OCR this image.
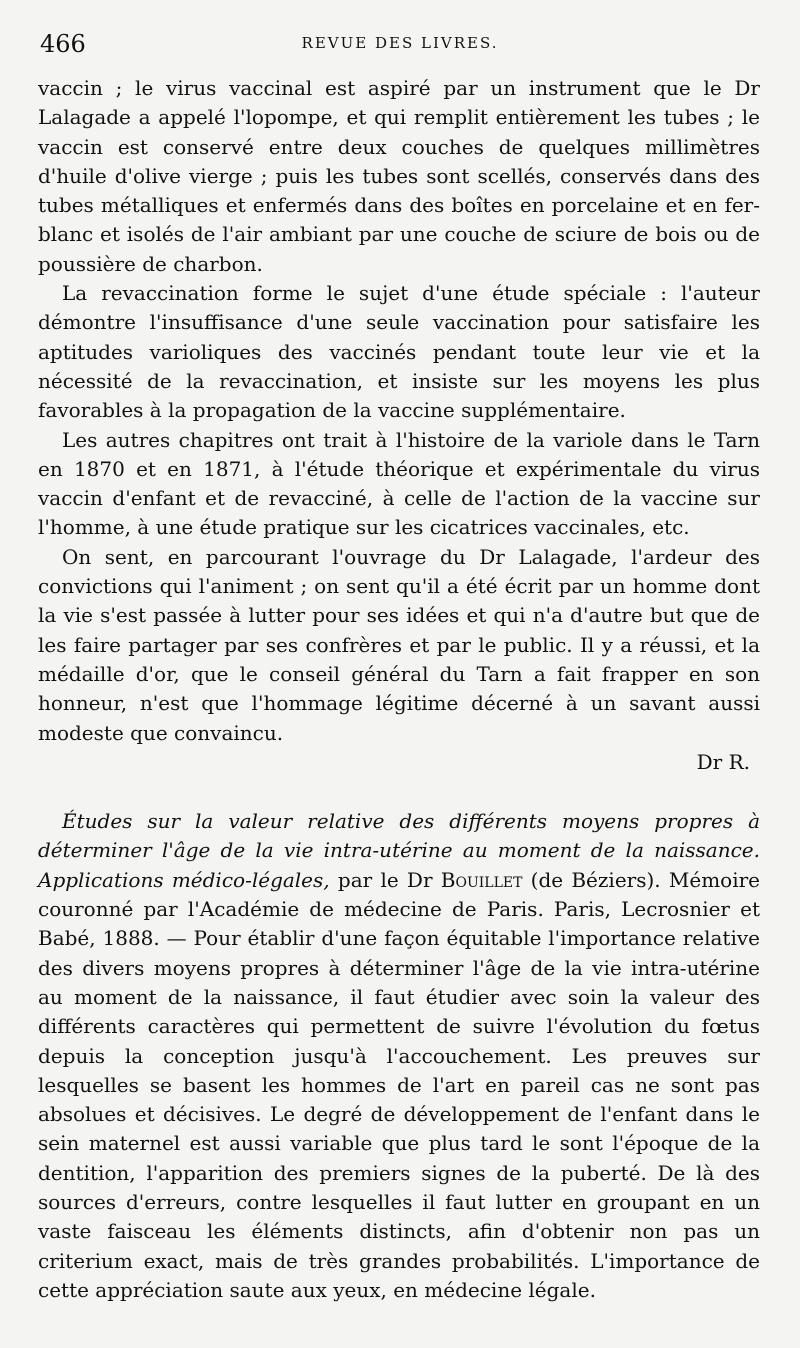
466	REVUE DES LIVRES.

vaccin ; le virus vaccinal est aspiré par un instrument que le Dr Lalagade a appelé l'lopompe, et qui remplit entièrement les tubes ; le vaccin est conservé entre deux couches de quelques millimètres d'huile d'olive vierge ; puis les tubes sont scellés, conservés dans des tubes métalliques et enfermés dans des boîtes en porcelaine et en fer-blanc et isolés de l'air ambiant par une couche de sciure de bois ou de poussière de charbon.

La revaccination forme le sujet d'une étude spéciale : l'auteur démontre l'insuffisance d'une seule vaccination pour satisfaire les aptitudes varioliques des vaccinés pendant toute leur vie et la nécessité de la revaccination, et insiste sur les moyens les plus favorables à la propagation de la vaccine supplémentaire.

Les autres chapitres ont trait à l'histoire de la variole dans le Tarn en 1870 et en 1871, à l'étude théorique et expérimentale du virus vaccin d'enfant et de revacciné, à celle de l'action de la vaccine sur l'homme, à une étude pratique sur les cicatrices vaccinales, etc.

On sent, en parcourant l'ouvrage du Dr Lalagade, l'ardeur des convictions qui l'animent ; on sent qu'il a été écrit par un homme dont la vie s'est passée à lutter pour ses idées et qui n'a d'autre but que de les faire partager par ses confrères et par le public. Il y a réussi, et la médaille d'or, que le conseil général du Tarn a fait frapper en son honneur, n'est que l'hommage légitime décerné à un savant aussi modeste que convaincu.

Dr R.

Études sur la valeur relative des différents moyens propres à déterminer l'âge de la vie intra-utérine au moment de la naissance. Applications médico-légales, par le Dr Bouillet (de Béziers). Mémoire couronné par l'Académie de médecine de Paris. Paris, Lecrosnier et Babé, 1888. — Pour établir d'une façon équitable l'importance relative des divers moyens propres à déterminer l'âge de la vie intra-utérine au moment de la naissance, il faut étudier avec soin la valeur des différents caractères qui permettent de suivre l'évolution du fœtus depuis la conception jusqu'à l'accouchement. Les preuves sur lesquelles se basent les hommes de l'art en pareil cas ne sont pas absolues et décisives. Le degré de développement de l'enfant dans le sein maternel est aussi variable que plus tard le sont l'époque de la dentition, l'apparition des premiers signes de la puberté. De là des sources d'erreurs, contre lesquelles il faut lutter en groupant en un vaste faisceau les éléments distincts, afin d'obtenir non pas un criterium exact, mais de très grandes probabilités. L'importance de cette appréciation saute aux yeux, en médecine légale.
